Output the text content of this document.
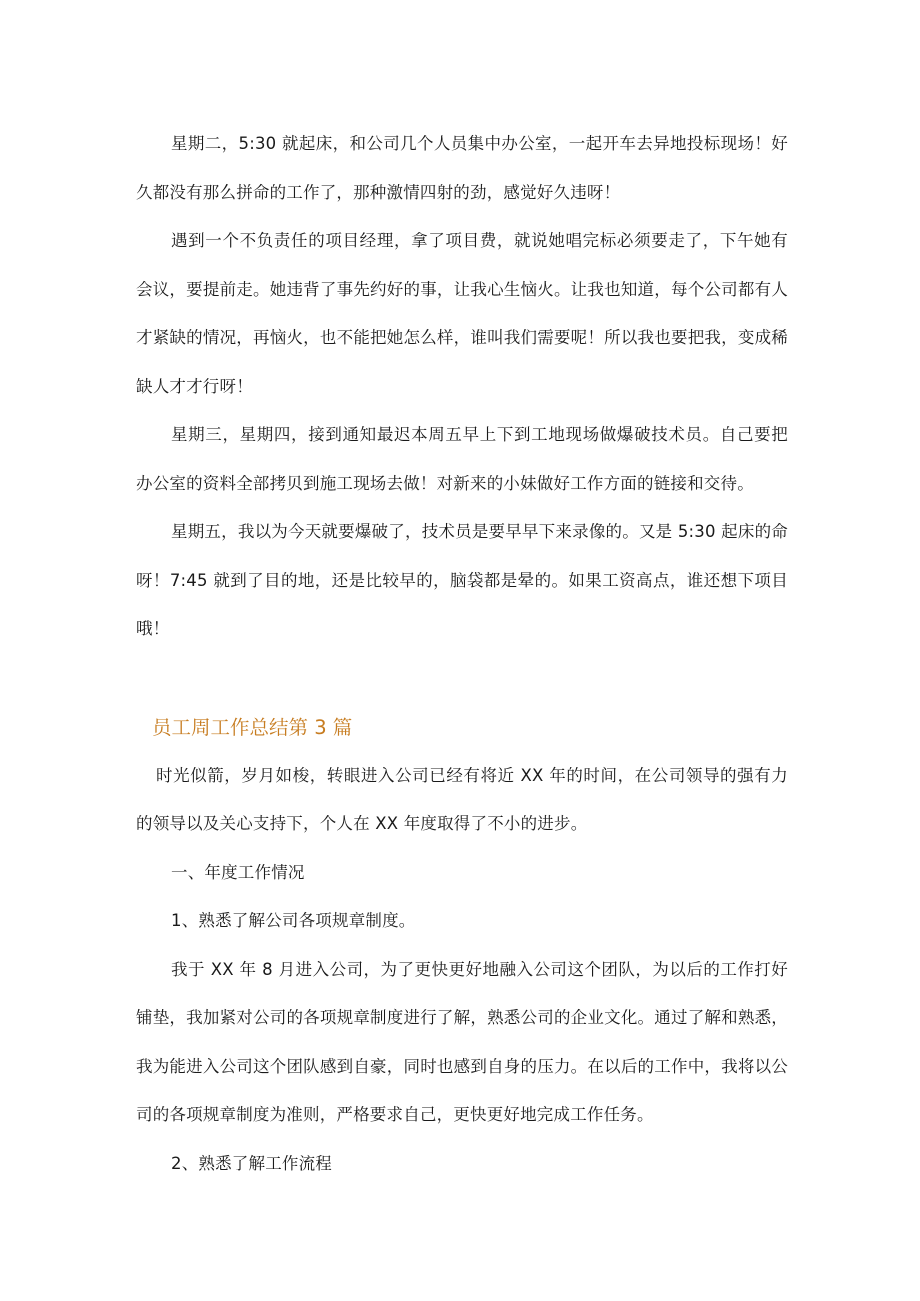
星期二，5:30 就起床，和公司几个人员集中办公室，一起开车去异地投标现场！好久都没有那么拼命的工作了，那种激情四射的劲，感觉好久违呀！

遇到一个不负责任的项目经理，拿了项目费，就说她唱完标必须要走了，下午她有会议，要提前走。她违背了事先约好的事，让我心生恼火。让我也知道，每个公司都有人才紧缺的情况，再恼火，也不能把她怎么样，谁叫我们需要呢！所以我也要把我，变成稀缺人才才行呀！

星期三，星期四，接到通知最迟本周五早上下到工地现场做爆破技术员。自己要把办公室的资料全部拷贝到施工现场去做！对新来的小妹做好工作方面的链接和交待。

星期五，我以为今天就要爆破了，技术员是要早早下来录像的。又是 5:30 起床的命呀！7:45 就到了目的地，还是比较早的，脑袋都是晕的。如果工资高点，谁还想下项目哦！

员工周工作总结第 3 篇

时光似箭，岁月如梭，转眼进入公司已经有将近 XX 年的时间，在公司领导的强有力的领导以及关心支持下，个人在 XX 年度取得了不小的进步。

一、年度工作情况

1、熟悉了解公司各项规章制度。

我于 XX 年 8 月进入公司，为了更快更好地融入公司这个团队，为以后的工作打好铺垫，我加紧对公司的各项规章制度进行了解，熟悉公司的企业文化。通过了解和熟悉，我为能进入公司这个团队感到自豪，同时也感到自身的压力。在以后的工作中，我将以公司的各项规章制度为准则，严格要求自己，更快更好地完成工作任务。

2、熟悉了解工作流程
